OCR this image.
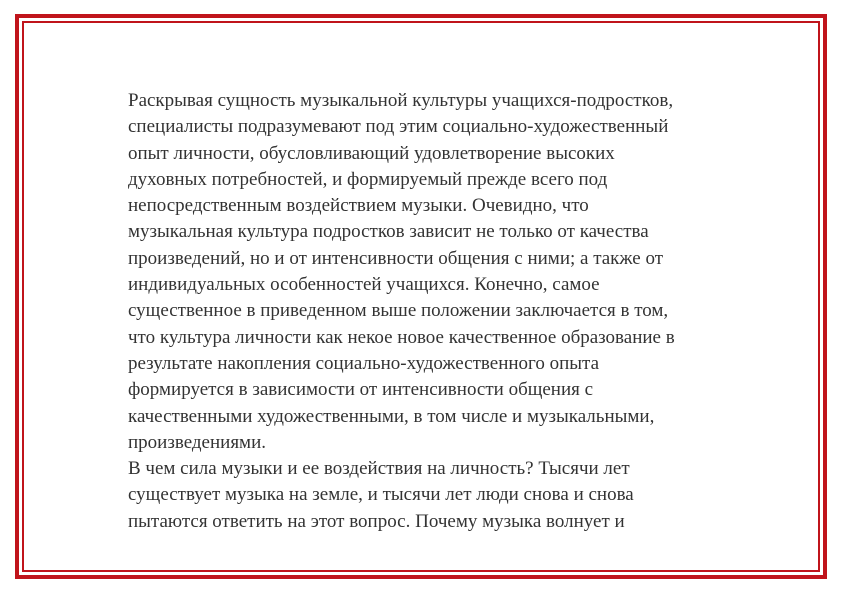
Раскрывая сущность музыкальной культуры учащихся-подростков,
специалисты подразумевают под этим социально-художественный
опыт личности, обусловливающий удовлетворение высоких
духовных потребностей, и формируемый прежде всего под
непосредственным воздействием музыки. Очевидно, что
музыкальная культура подростков зависит не только от качества
произведений, но и от интенсивности общения с ними; а также от
индивидуальных особенностей учащихся. Конечно, самое
существенное в приведенном выше положении заключается в том,
что культура личности как некое новое качественное образование в
результате накопления социально-художественного опыта
формируется в зависимости от интенсивности общения с
качественными художественными, в том числе и музыкальными,
произведениями.
В чем сила музыки и ее воздействия на личность? Тысячи лет
существует музыка на земле, и тысячи лет люди снова и снова
пытаются ответить на этот вопрос. Почему музыка волнует и
